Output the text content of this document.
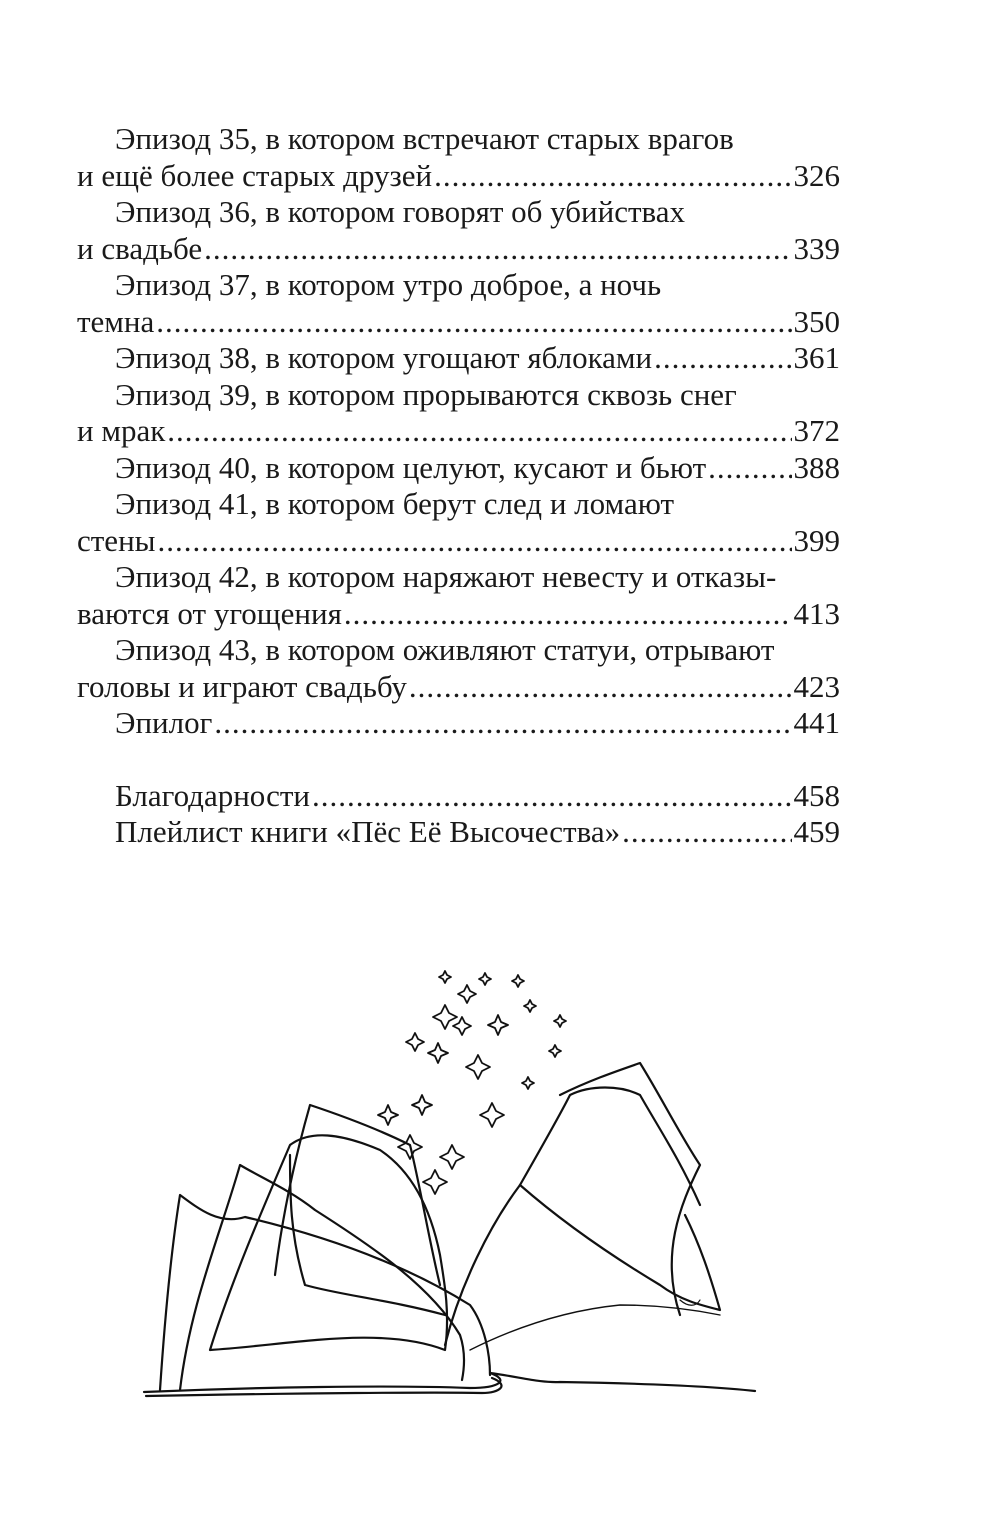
Эпизод 35, в котором встречают старых врагов
и ещё более старых друзей .....	326
Эпизод 36, в котором говорят об убийствах
и свадьбе .....	339
Эпизод 37, в котором утро доброе, а ночь
темна .....	350
Эпизод 38, в котором угощают яблоками .....	361
Эпизод 39, в котором прорываются сквозь снег
и мрак .....	372
Эпизод 40, в котором целуют, кусают и бьют .....	388
Эпизод 41, в котором берут след и ломают
стены .....	399
Эпизод 42, в котором наряжают невесту и отказы-
ваются от угощения .....	413
Эпизод 43, в котором оживляют статуи, отрывают
головы и играют свадьбу .....	423
Эпилог .....	441
Благодарности .....	458
Плейлист книги «Пёс Её Высочества» .....	459
